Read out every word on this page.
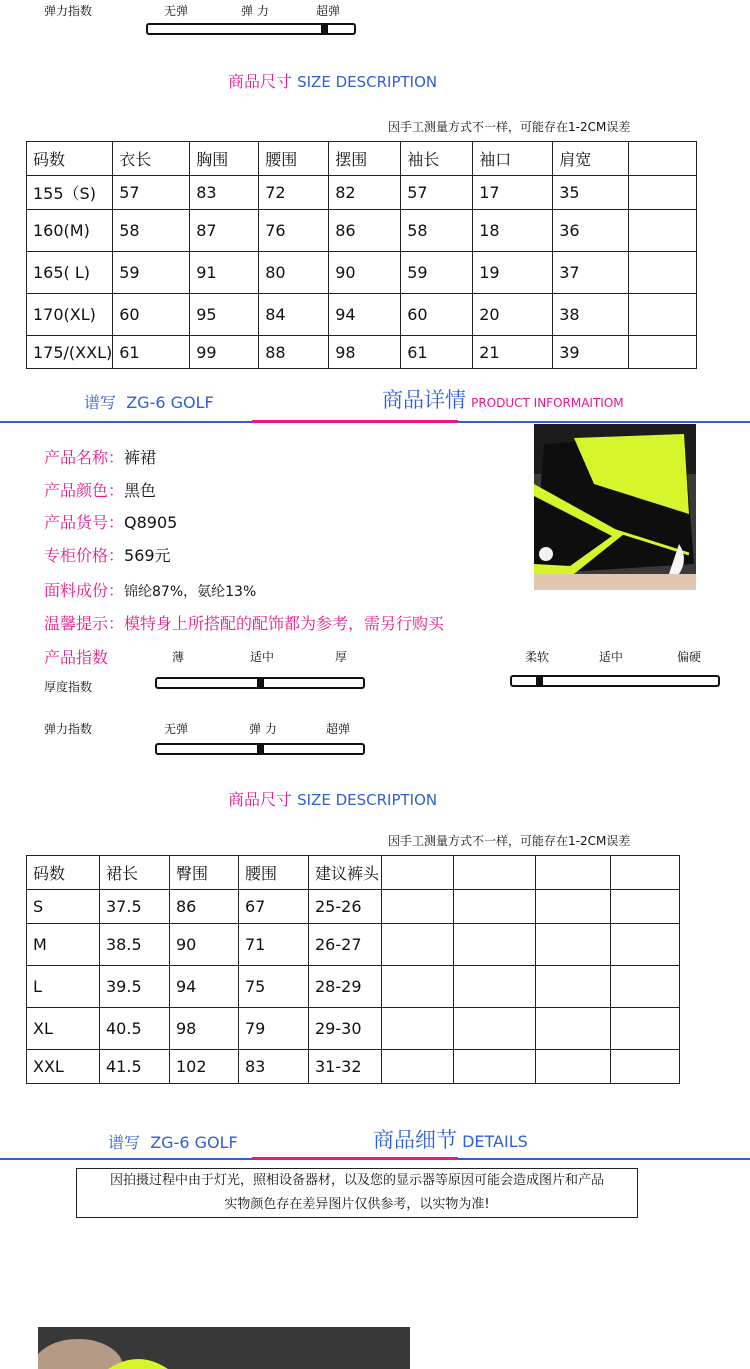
弹力指数	无弹	弹 力	超弹
商品尺寸 SIZE DESCRIPTION
因手工测量方式不一样，可能存在1-2CM误差
码数	衣长	胸围	腰围	摆围	袖长	袖口	肩宽	
155（S)	57	83	72	82	57	17	35	
160(M)	58	87	76	86	58	18	36	
165( L)	59	91	80	90	59	19	37	
170(XL)	60	95	84	94	60	20	38	
175/(XXL)	61	99	88	98	61	21	39	
谱写 ZG-6 GOLF	商品详情 PRODUCT INFORMAITIOM
产品名称：裤裙
产品颜色：黑色
产品货号：Q8905
专柜价格：569元
面料成份：锦纶87%，氨纶13%
温馨提示：模特身上所搭配的配饰都为参考，需另行购买
产品指数	薄	适中	厚	柔软	适中	偏硬
厚度指数
弹力指数	无弹	弹 力	超弹
商品尺寸 SIZE DESCRIPTION
因手工测量方式不一样，可能存在1-2CM误差
码数	裙长	臀围	腰围	建议裤头				
S	37.5	86	67	25-26				
M	38.5	90	71	26-27				
L	39.5	94	75	28-29				
XL	40.5	98	79	29-30				
XXL	41.5	102	83	31-32				
谱写 ZG-6 GOLF	商品细节 DETAILS
因拍摄过程中由于灯光，照相设备器材，以及您的显示器等原因可能会造成图片和产品
实物颜色存在差异图片仅供参考，以实物为准!
